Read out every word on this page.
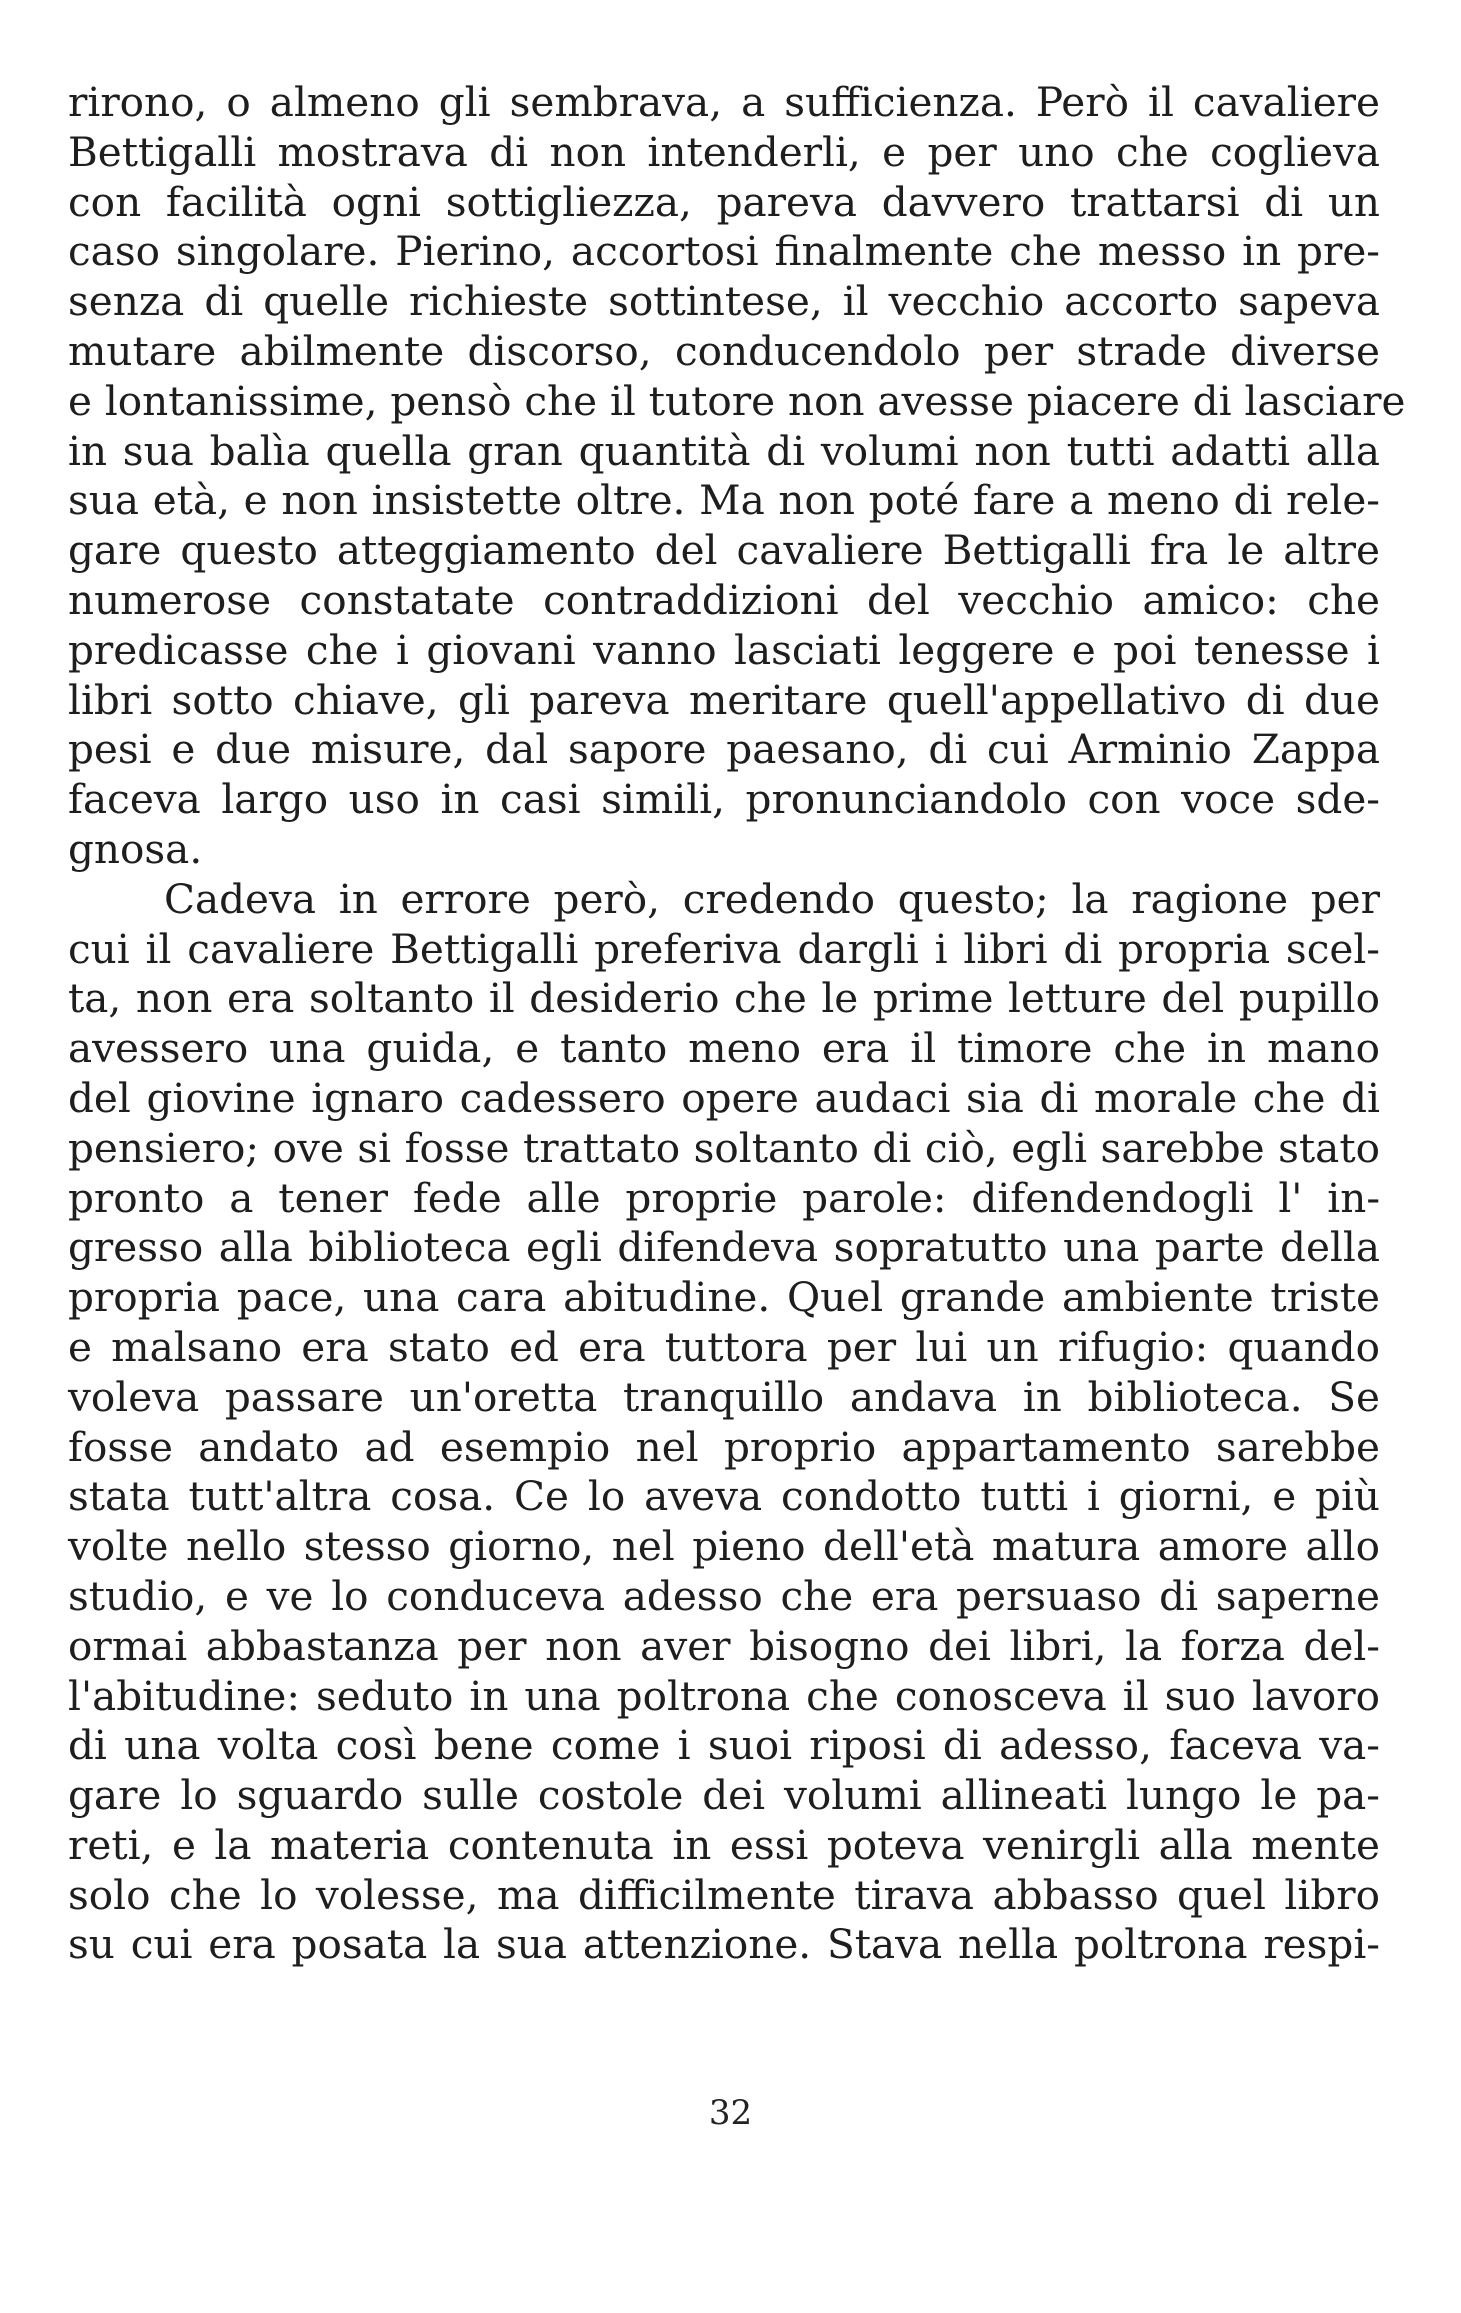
rirono, o almeno gli sembrava, a sufficienza. Però il cavaliere
Bettigalli mostrava di non intenderli, e per uno che coglieva
con facilità ogni sottigliezza, pareva davvero trattarsi di un
caso singolare. Pierino, accortosi finalmente che messo in pre-
senza di quelle richieste sottintese, il vecchio accorto sapeva
mutare abilmente discorso, conducendolo per strade diverse
e lontanissime, pensò che il tutore non avesse piacere di lasciare
in sua balìa quella gran quantità di volumi non tutti adatti alla
sua età, e non insistette oltre. Ma non poté fare a meno di rele-
gare questo atteggiamento del cavaliere Bettigalli fra le altre
numerose constatate contraddizioni del vecchio amico: che
predicasse che i giovani vanno lasciati leggere e poi tenesse i
libri sotto chiave, gli pareva meritare quell'appellativo di due
pesi e due misure, dal sapore paesano, di cui Arminio Zappa
faceva largo uso in casi simili, pronunciandolo con voce sde-
gnosa.
Cadeva in errore però, credendo questo; la ragione per
cui il cavaliere Bettigalli preferiva dargli i libri di propria scel-
ta, non era soltanto il desiderio che le prime letture del pupillo
avessero una guida, e tanto meno era il timore che in mano
del giovine ignaro cadessero opere audaci sia di morale che di
pensiero; ove si fosse trattato soltanto di ciò, egli sarebbe stato
pronto a tener fede alle proprie parole: difendendogli l' in-
gresso alla biblioteca egli difendeva sopratutto una parte della
propria pace, una cara abitudine. Quel grande ambiente triste
e malsano era stato ed era tuttora per lui un rifugio: quando
voleva passare un'oretta tranquillo andava in biblioteca. Se
fosse andato ad esempio nel proprio appartamento sarebbe
stata tutt'altra cosa. Ce lo aveva condotto tutti i giorni, e più
volte nello stesso giorno, nel pieno dell'età matura amore allo
studio, e ve lo conduceva adesso che era persuaso di saperne
ormai abbastanza per non aver bisogno dei libri, la forza del-
l'abitudine: seduto in una poltrona che conosceva il suo lavoro
di una volta così bene come i suoi riposi di adesso, faceva va-
gare lo sguardo sulle costole dei volumi allineati lungo le pa-
reti, e la materia contenuta in essi poteva venirgli alla mente
solo che lo volesse, ma difficilmente tirava abbasso quel libro
su cui era posata la sua attenzione. Stava nella poltrona respi-
32
